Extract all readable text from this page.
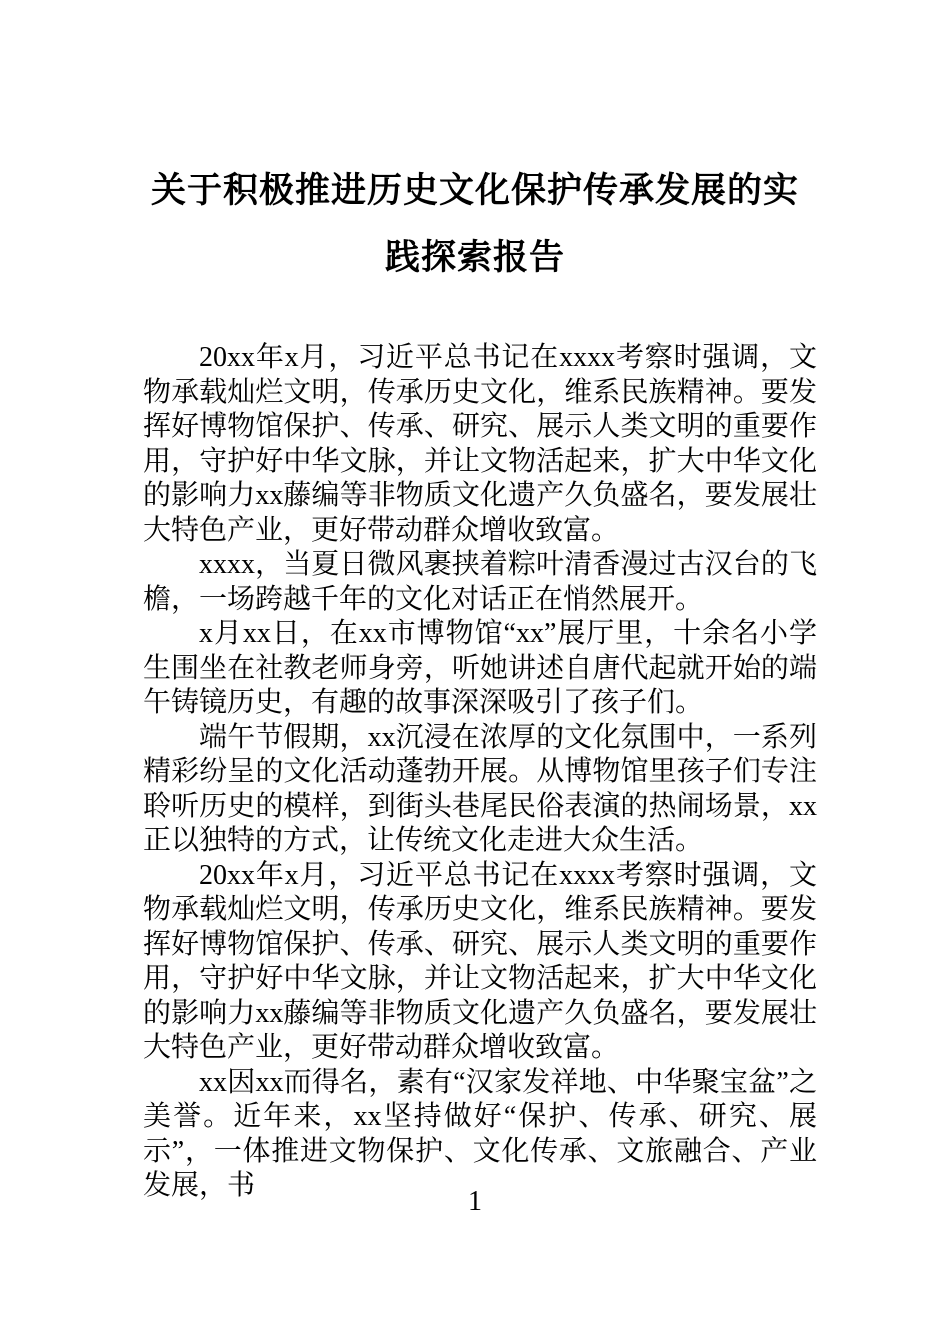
关于积极推进历史文化保护传承发展的实
践探索报告

20xx年x月，习近平总书记在xxxx考察时强调，文物承载灿烂文明，传承历史文化，维系民族精神。要发挥好博物馆保护、传承、研究、展示人类文明的重要作用，守护好中华文脉，并让文物活起来，扩大中华文化的影响力xx藤编等非物质文化遗产久负盛名，要发展壮大特色产业，更好带动群众增收致富。

xxxx，当夏日微风裹挟着粽叶清香漫过古汉台的飞檐，一场跨越千年的文化对话正在悄然展开。

x月xx日，在xx市博物馆“xx”展厅里，十余名小学生围坐在社教老师身旁，听她讲述自唐代起就开始的端午铸镜历史，有趣的故事深深吸引了孩子们。

端午节假期，xx沉浸在浓厚的文化氛围中，一系列精彩纷呈的文化活动蓬勃开展。从博物馆里孩子们专注聆听历史的模样，到街头巷尾民俗表演的热闹场景，xx正以独特的方式，让传统文化走进大众生活。

20xx年x月，习近平总书记在xxxx考察时强调，文物承载灿烂文明，传承历史文化，维系民族精神。要发挥好博物馆保护、传承、研究、展示人类文明的重要作用，守护好中华文脉，并让文物活起来，扩大中华文化的影响力xx藤编等非物质文化遗产久负盛名，要发展壮大特色产业，更好带动群众增收致富。

xx因xx而得名，素有“汉家发祥地、中华聚宝盆”之美誉。近年来，xx坚持做好“保护、传承、研究、展示”，一体推进文物保护、文化传承、文旅融合、产业发展，书

1
